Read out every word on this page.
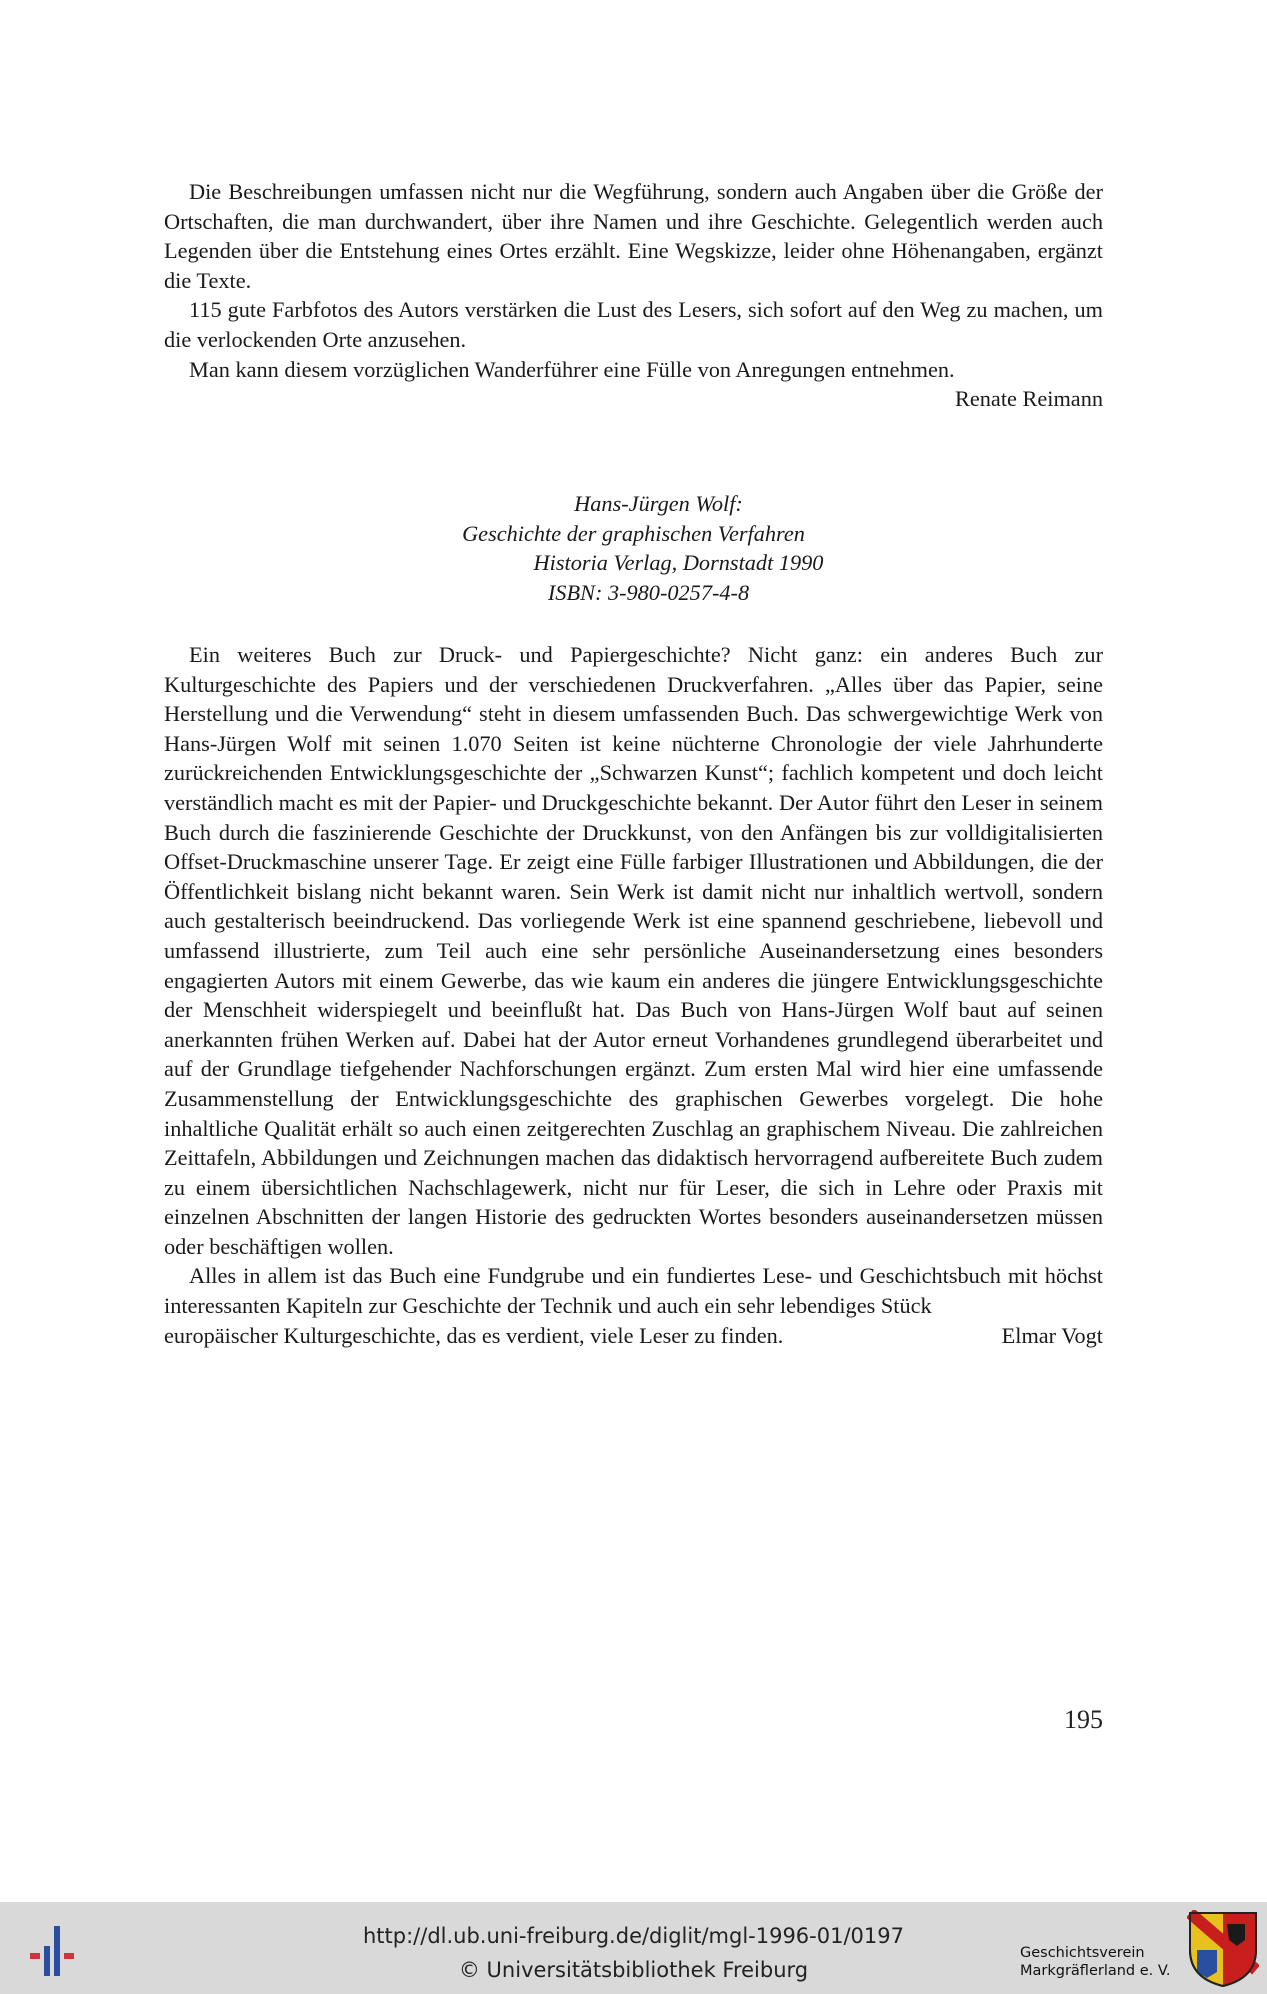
Die Beschreibungen umfassen nicht nur die Wegführung, sondern auch Angaben über die Größe der Ortschaften, die man durchwandert, über ihre Namen und ihre Geschichte. Gelegentlich werden auch Legenden über die Entstehung eines Ortes erzählt. Eine Wegskizze, leider ohne Höhenangaben, ergänzt die Texte.

115 gute Farbfotos des Autors verstärken die Lust des Lesers, sich sofort auf den Weg zu machen, um die verlockenden Orte anzusehen.

Man kann diesem vorzüglichen Wanderführer eine Fülle von Anregungen entnehmen.

Renate Reimann

Hans-Jürgen Wolf:
Geschichte der graphischen Verfahren
Historia Verlag, Dornstadt 1990
ISBN: 3-980-0257-4-8

Ein weiteres Buch zur Druck- und Papiergeschichte? Nicht ganz: ein anderes Buch zur Kulturgeschichte des Papiers und der verschiedenen Druckverfahren. „Alles über das Papier, seine Herstellung und die Verwendung“ steht in diesem umfassenden Buch. Das schwergewichtige Werk von Hans-Jürgen Wolf mit seinen 1.070 Seiten ist keine nüchterne Chronologie der viele Jahrhunderte zurückreichenden Entwicklungsgeschichte der „Schwarzen Kunst“; fachlich kompetent und doch leicht verständlich macht es mit der Papier- und Druckgeschichte bekannt. Der Autor führt den Leser in seinem Buch durch die faszinierende Geschichte der Druckkunst, von den Anfängen bis zur volldigitalisierten Offset-Druckmaschine unserer Tage. Er zeigt eine Fülle farbiger Illustrationen und Abbildungen, die der Öffentlichkeit bislang nicht bekannt waren. Sein Werk ist damit nicht nur inhaltlich wertvoll, sondern auch gestalterisch beeindruckend. Das vorliegende Werk ist eine spannend geschriebene, liebevoll und umfassend illustrierte, zum Teil auch eine sehr persönliche Auseinandersetzung eines besonders engagierten Autors mit einem Gewerbe, das wie kaum ein anderes die jüngere Entwicklungsgeschichte der Menschheit widerspiegelt und beeinflußt hat. Das Buch von Hans-Jürgen Wolf baut auf seinen anerkannten frühen Werken auf. Dabei hat der Autor erneut Vorhandenes grundlegend überarbeitet und auf der Grundlage tiefgehender Nachforschungen ergänzt. Zum ersten Mal wird hier eine umfassende Zusammenstellung der Entwicklungsgeschichte des graphischen Gewerbes vorgelegt. Die hohe inhaltliche Qualität erhält so auch einen zeitgerechten Zuschlag an graphischem Niveau. Die zahlreichen Zeittafeln, Abbildungen und Zeichnungen machen das didaktisch hervorragend aufbereitete Buch zudem zu einem übersichtlichen Nachschlagewerk, nicht nur für Leser, die sich in Lehre oder Praxis mit einzelnen Abschnitten der langen Historie des gedruckten Wortes besonders auseinandersetzen müssen oder beschäftigen wollen.

Alles in allem ist das Buch eine Fundgrube und ein fundiertes Lese- und Geschichtsbuch mit höchst interessanten Kapiteln zur Geschichte der Technik und auch ein sehr lebendiges Stück

europäischer Kulturgeschichte, das es verdient, viele Leser zu finden.	Elmar Vogt
195
http://dl.ub.uni-freiburg.de/diglit/mgl-1996-01/0197
© Universitätsbibliothek Freiburg
Geschichtsverein
Markgräflerland e. V.
